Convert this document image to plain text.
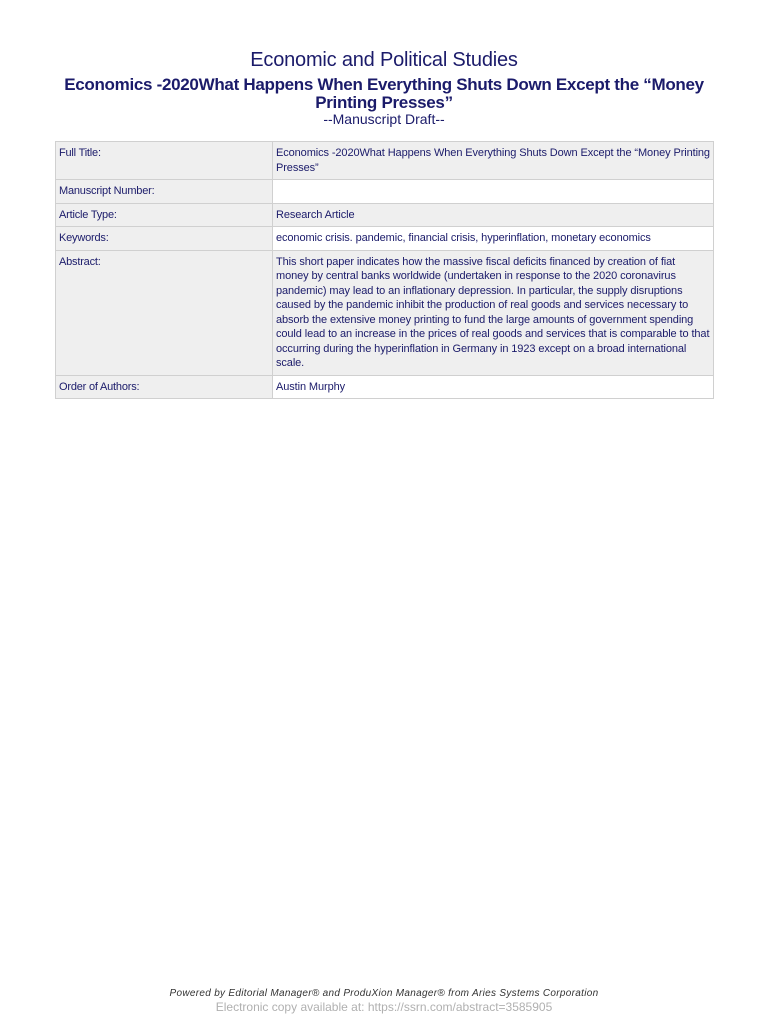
Economic and Political Studies
Economics -2020What Happens When Everything Shuts Down Except the “Money Printing Presses”
--Manuscript Draft--
Full Title:	Economics -2020What Happens When Everything Shuts Down Except the “Money Printing Presses”
Manuscript Number:	
Article Type:	Research Article
Keywords:	economic crisis. pandemic, financial crisis, hyperinflation, monetary economics
Abstract:	This short paper indicates how the massive fiscal deficits financed by creation of fiat money by central banks worldwide (undertaken in response to the 2020 coronavirus pandemic) may lead to an inflationary depression. In particular, the supply disruptions caused by the pandemic inhibit the production of real goods and services necessary to absorb the extensive money printing to fund the large amounts of government spending could lead to an increase in the prices of real goods and services that is comparable to that occurring during the hyperinflation in Germany in 1923 except on a broad international scale.
Order of Authors:	Austin Murphy
Powered by Editorial Manager® and ProduXion Manager® from Aries Systems Corporation
Electronic copy available at: https://ssrn.com/abstract=3585905
